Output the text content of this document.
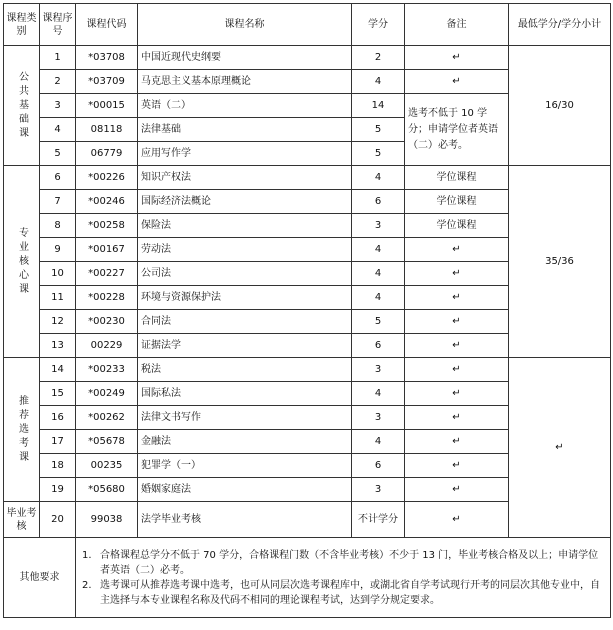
课程类别	课程序号	课程代码	课程名称	学分	备注	最低学分/学分小计
公共基础课	1	*03708	中国近现代史纲要	2	↵	16/30
	2	*03709	马克思主义基本原理概论	4	↵	
	3	*00015	英语（二）	14	选考不低于 10 学分；申请学位者英语（二）必考。	
	4	08118	法律基础	5		
	5	06779	应用写作学	5		
专业核心课	6	*00226	知识产权法	4	学位课程	35/36
	7	*00246	国际经济法概论	6	学位课程	
	8	*00258	保险法	3	学位课程	
	9	*00167	劳动法	4	↵	
	10	*00227	公司法	4	↵	
	11	*00228	环境与资源保护法	4	↵	
	12	*00230	合同法	5	↵	
	13	00229	证据法学	6	↵	
推荐选考课	14	*00233	税法	3	↵	↵
	15	*00249	国际私法	4	↵	
	16	*00262	法律文书写作	3	↵	
	17	*05678	金融法	4	↵	
	18	00235	犯罪学（一）	6	↵	
	19	*05680	婚姻家庭法	3	↵	
毕业考核	20	99038	法学毕业考核	不计学分	↵	
其他要求		1. 合格课程总学分不低于 70 学分，合格课程门数（不含毕业考核）不少于 13 门，毕业考核合格及以上；申请学位者英语（二）必考。
2. 选考课可从推荐选考课中选考，也可从同层次选考课程库中，或湖北省自学考试现行开考的同层次其他专业中，自主选择与本专业课程名称及代码不相同的理论课程考试，达到学分规定要求。				
